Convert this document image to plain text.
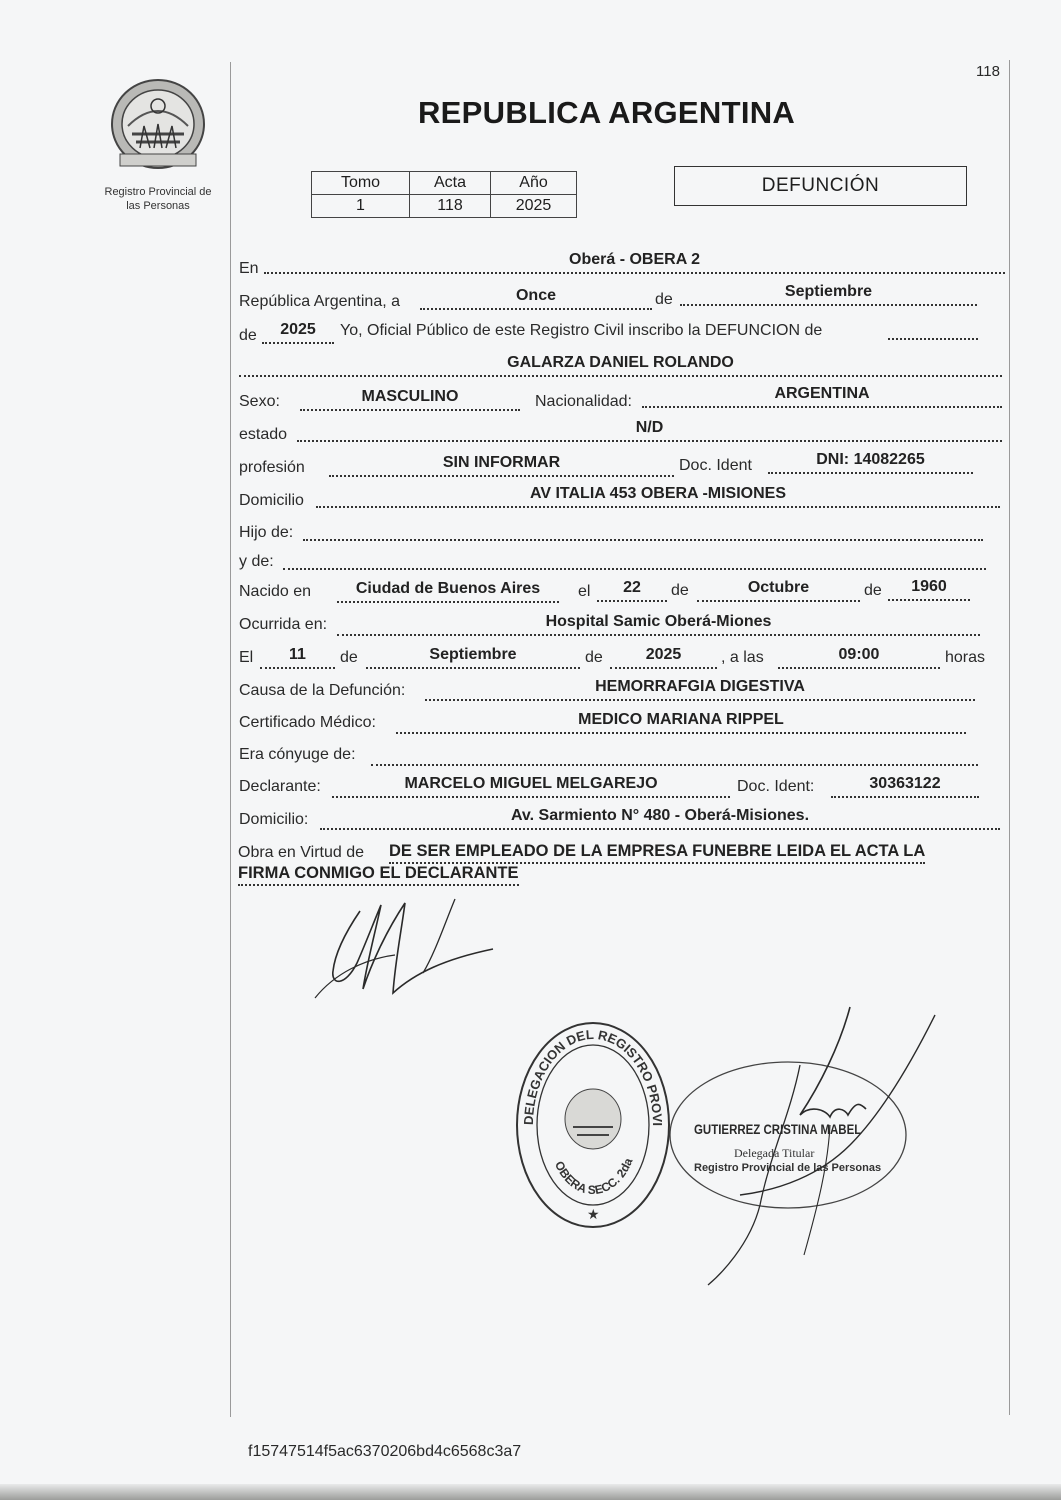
118
Registro Provincial de
las Personas
REPUBLICA ARGENTINA
Tomo	Acta	Año
1	118	2025
DEFUNCIÓN
En
Oberá - OBERA 2
República Argentina, a	Once	de	Septiembre
de	2025	Yo, Oficial Público de este Registro Civil inscribo la DEFUNCION de
GALARZA DANIEL ROLANDO
Sexo:	MASCULINO	Nacionalidad:	ARGENTINA
estado	N/D
profesión	SIN INFORMAR	Doc. Ident	DNI: 14082265
Domicilio	AV ITALIA 453 OBERA -MISIONES
Hijo de:
y de:
Nacido en	Ciudad de Buenos Aires	el	22	de	Octubre	de	1960
Ocurrida en:	Hospital Samic Oberá-Miones
El	11	de	Septiembre	de	2025	, a las	09:00	horas
Causa de la Defunción:	HEMORRAFGIA DIGESTIVA
Certificado Médico:	MEDICO MARIANA RIPPEL
Era cónyuge de:
Declarante:	MARCELO MIGUEL MELGAREJO	Doc. Ident:	30363122
Domicilio:	Av. Sarmiento N° 480 - Oberá-Misiones.
Obra en Virtud de DE SER EMPLEADO DE LA EMPRESA FUNEBRE LEIDA EL ACTA LA
FIRMA CONMIGO EL DECLARANTE
DELEGACION DEL REGISTRO PROVI
OBERA SECC. 2da
★
GUTIERREZ CRISTINA MABEL
Delegada Titular
Registro Provincial de las Personas
f15747514f5ac6370206bd4c6568c3a7
